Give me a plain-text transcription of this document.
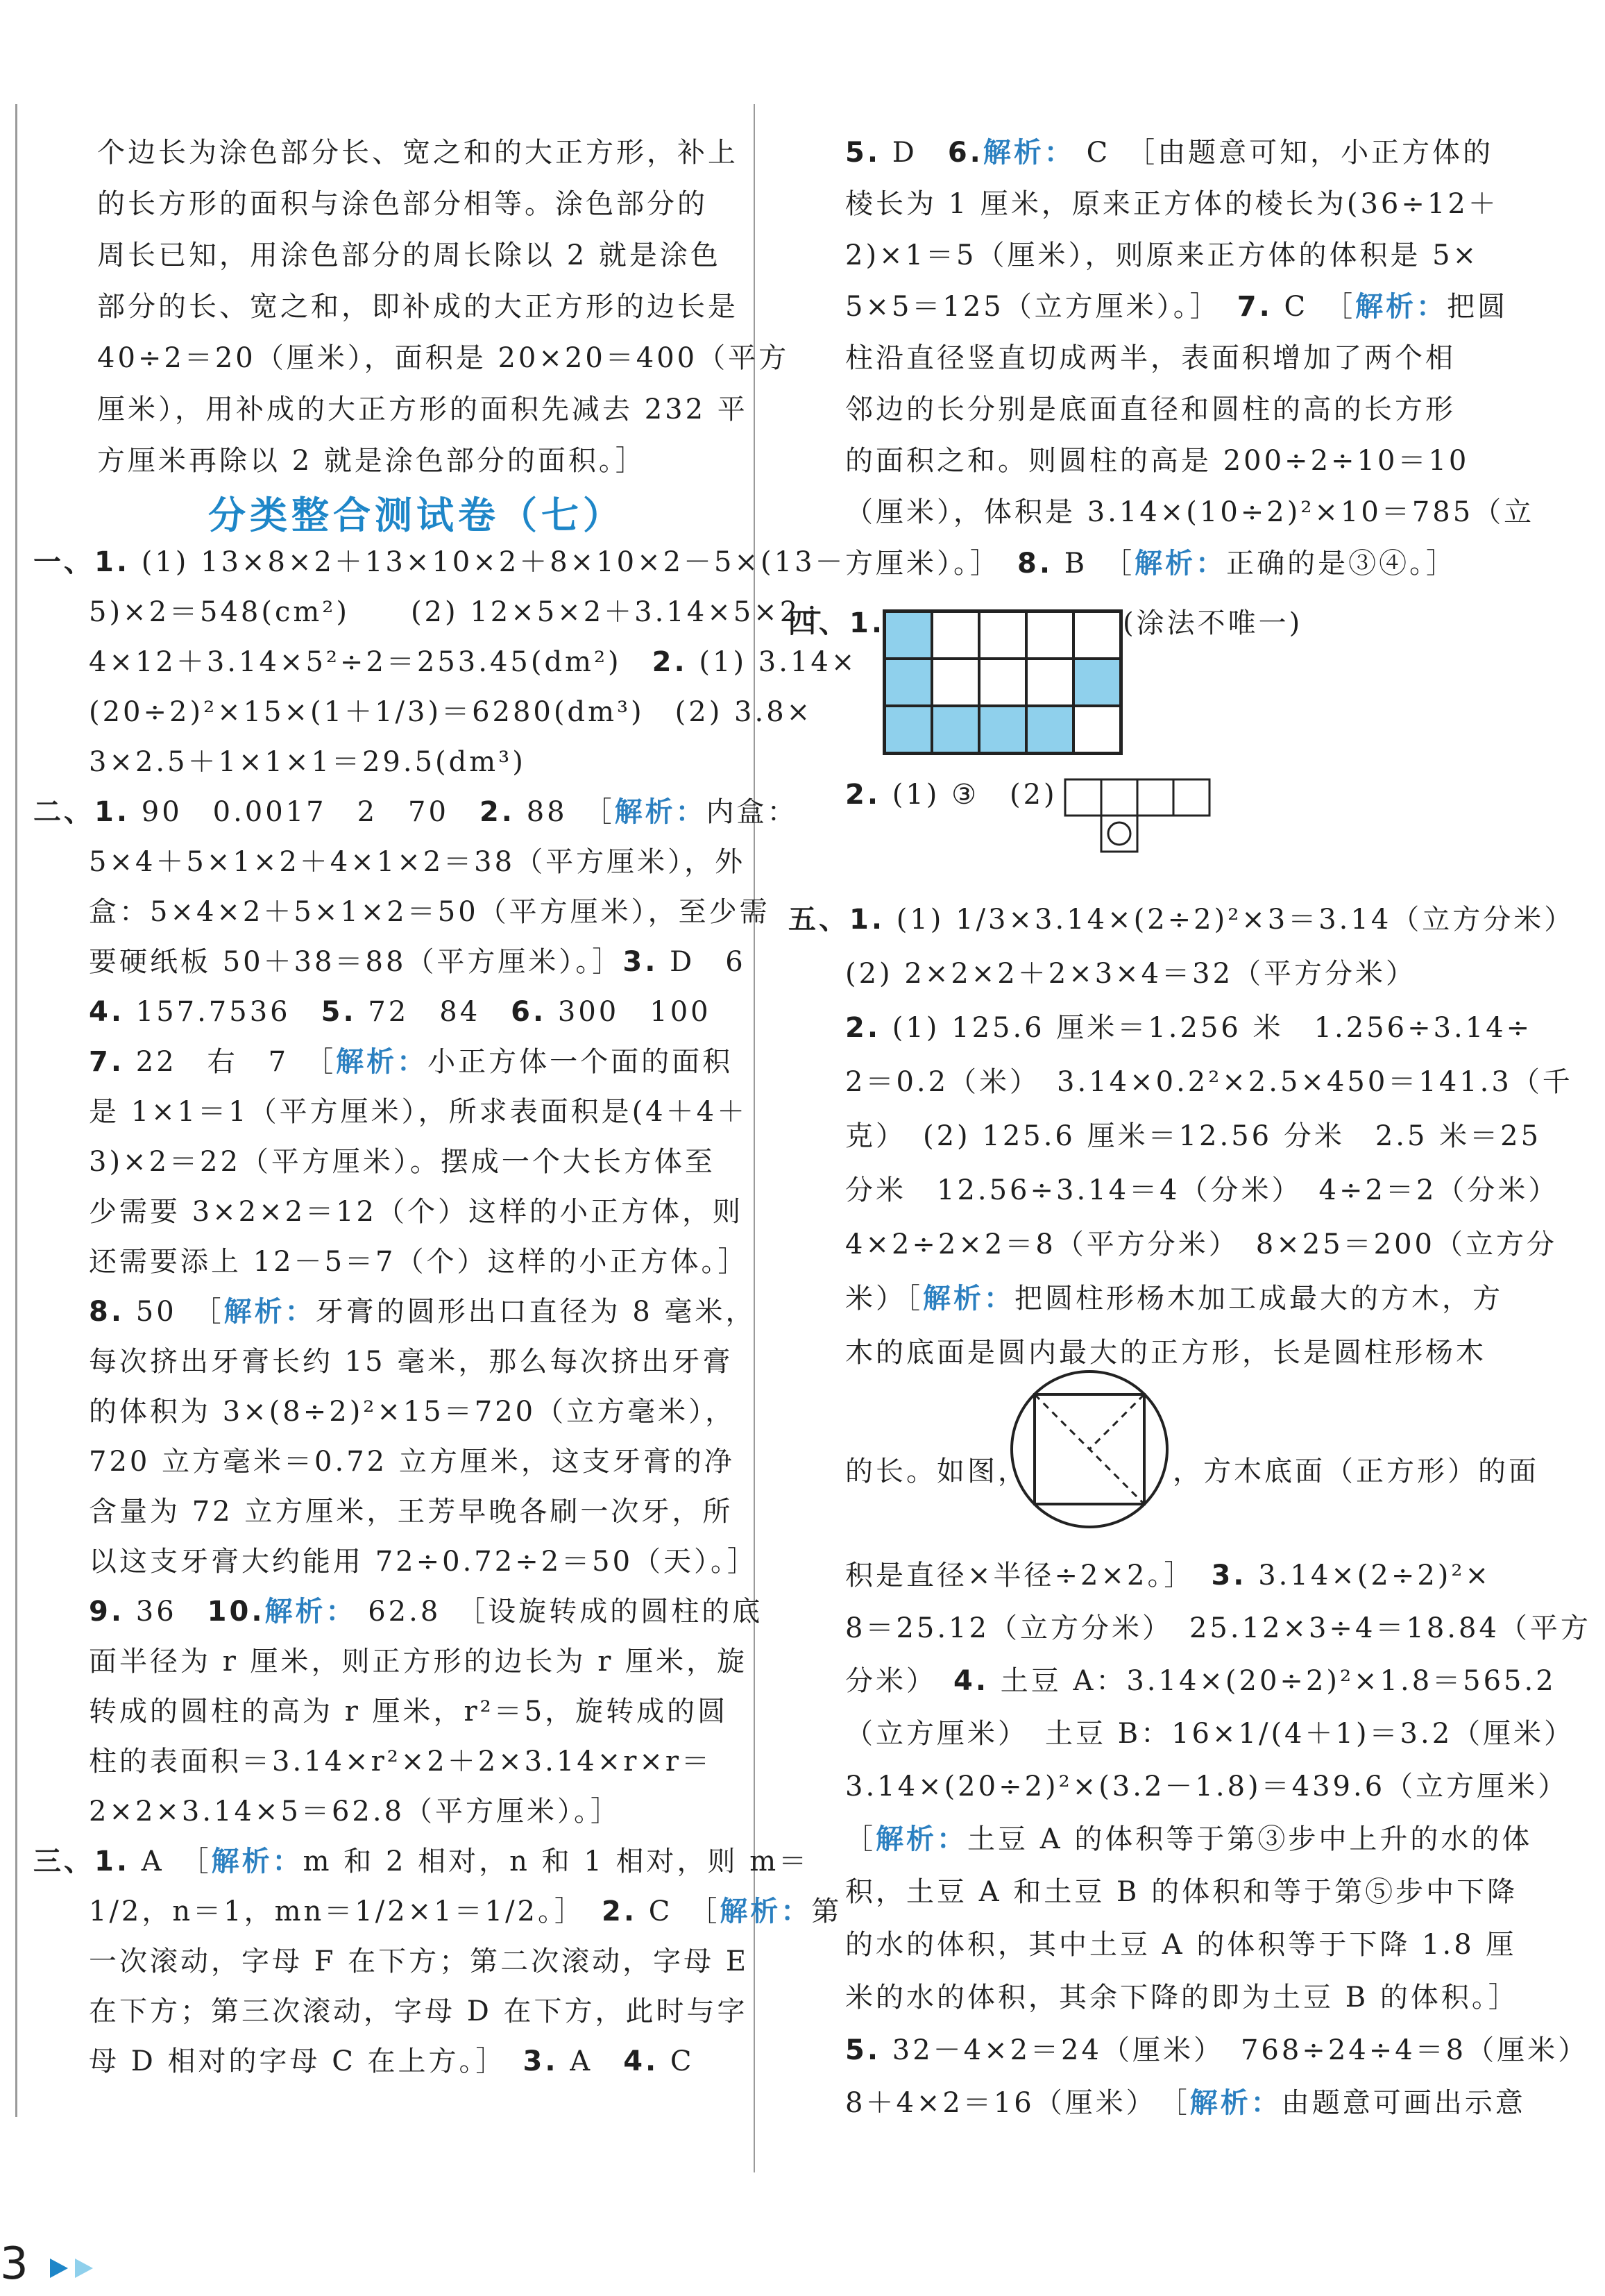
个边长为涂色部分长、宽之和的大正方形，补上
的长方形的面积与涂色部分相等。涂色部分的
周长已知，用涂色部分的周长除以 2 就是涂色
部分的长、宽之和，即补成的大正方形的边长是
40÷2＝20（厘米），面积是 20×20＝400（平方
厘米），用补成的大正方形的面积先减去 232 平
方厘米再除以 2 就是涂色部分的面积。］
一、1. (1) 13×8×2＋13×10×2＋8×10×2－5×(13－
5)×2＝548(cm²)　　(2) 12×5×2＋3.14×5×2÷
4×12＋3.14×5²÷2＝253.45(dm²)　2. (1) 3.14×
(20÷2)²×15×(1＋1/3)＝6280(dm³)　(2) 3.8×
3×2.5＋1×1×1＝29.5(dm³)
二、1. 90　0.0017　2　70　2. 88　［解析：内盒：
5×4＋5×1×2＋4×1×2＝38（平方厘米），外
盒：5×4×2＋5×1×2＝50（平方厘米），至少需
要硬纸板 50＋38＝88（平方厘米）。］3. D　6
4. 157.7536　5. 72　84　6. 300　100
7. 22　右　7　［解析：小正方体一个面的面积
是 1×1＝1（平方厘米），所求表面积是(4＋4＋
3)×2＝22（平方厘米）。摆成一个大长方体至
少需要 3×2×2＝12（个）这样的小正方体，则
还需要添上 12－5＝7（个）这样的小正方体。］
8. 50　［解析：牙膏的圆形出口直径为 8 毫米，
每次挤出牙膏长约 15 毫米，那么每次挤出牙膏
的体积为 3×(8÷2)²×15＝720（立方毫米），
720 立方毫米＝0.72 立方厘米，这支牙膏的净
含量为 72 立方厘米，王芳早晚各刷一次牙，所
以这支牙膏大约能用 72÷0.72÷2＝50（天）。］
9. 36　10.解析： 62.8　［设旋转成的圆柱的底
面半径为 r 厘米，则正方形的边长为 r 厘米，旋
转成的圆柱的高为 r 厘米，r²＝5，旋转成的圆
柱的表面积＝3.14×r²×2＋2×3.14×r×r＝
2×2×3.14×5＝62.8（平方厘米）。］
三、1. A　［解析：m 和 2 相对，n 和 1 相对，则 m＝
1/2，n＝1，mn＝1/2×1＝1/2。］　2. C　［解析：第
一次滚动，字母 F 在下方；第二次滚动，字母 E
在下方；第三次滚动，字母 D 在下方，此时与字
母 D 相对的字母 C 在上方。］　3. A　4. C
5. D　6.解析： C　［由题意可知，小正方体的
棱长为 1 厘米，原来正方体的棱长为(36÷12＋
2)×1＝5（厘米），则原来正方体的体积是 5×
5×5＝125（立方厘米）。］　7. C　［解析：把圆
柱沿直径竖直切成两半，表面积增加了两个相
邻边的长分别是底面直径和圆柱的高的长方形
的面积之和。则圆柱的高是 200÷2÷10＝10
（厘米），体积是 3.14×(10÷2)²×10＝785（立
方厘米）。］　8. B　［解析：正确的是③④。］
四、1.	(涂法不唯一)
2. (1) ③　(2)
五、1. (1) 1/3×3.14×(2÷2)²×3＝3.14（立方分米）
(2) 2×2×2＋2×3×4＝32（平方分米）
2. (1) 125.6 厘米＝1.256 米　1.256÷3.14÷
2＝0.2（米）　3.14×0.2²×2.5×450＝141.3（千
克）　(2) 125.6 厘米＝12.56 分米　2.5 米＝25
分米　12.56÷3.14＝4（分米）　4÷2＝2（分米）
4×2÷2×2＝8（平方分米）　8×25＝200（立方分
米）［解析：把圆柱形杨木加工成最大的方木，方
木的底面是圆内最大的正方形，长是圆柱形杨木
的长。如图，	，方木底面（正方形）的面
积是直径×半径÷2×2。］　3. 3.14×(2÷2)²×
8＝25.12（立方分米）　25.12×3÷4＝18.84（平方
分米）　4. 土豆 A：3.14×(20÷2)²×1.8＝565.2
（立方厘米）　土豆 B：16×1/(4＋1)＝3.2（厘米）
3.14×(20÷2)²×(3.2－1.8)＝439.6（立方厘米）
［解析：土豆 A 的体积等于第③步中上升的水的体
积，土豆 A 和土豆 B 的体积和等于第⑤步中下降
的水的体积，其中土豆 A 的体积等于下降 1.8 厘
米的水的体积，其余下降的即为土豆 B 的体积。］
5. 32－4×2＝24（厘米）　768÷24÷4＝8（厘米）
8＋4×2＝16（厘米）　［解析：由题意可画出示意
分类整合测试卷（七）
3
